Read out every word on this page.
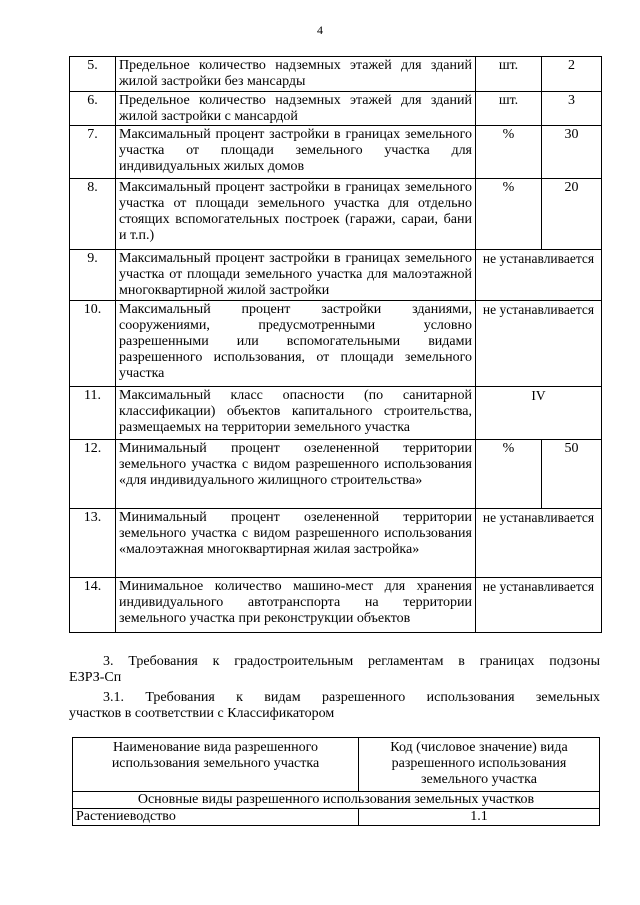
4
5.	Предельное количество надземных этажей для зданий жилой застройки без мансарды	шт.	2
6.	Предельное количество надземных этажей для зданий жилой застройки с мансардой	шт.	3
7.	Максимальный процент застройки в границах земельного участка от площади земельного участка для индивидуальных жилых домов	%	30
8.	Максимальный процент застройки в границах земельного участка от площади земельного участка для отдельно стоящих вспомогательных построек (гаражи, сараи, бани и т.п.)	%	20
9.	Максимальный процент застройки в границах земельного участка от площади земельного участка для малоэтажной многоквартирной жилой застройки	не устанавливается	
10.	Максимальный процент застройки зданиями, сооружениями, предусмотренными условно разрешенными или вспомогательными видами разрешенного использования, от площади земельного участка	не устанавливается	
11.	Максимальный класс опасности (по санитарной классификации) объектов капитального строительства, размещаемых на территории земельного участка	IV	
12.	Минимальный процент озелененной территории земельного участка с видом разрешенного использования «для индивидуального жилищного строительства»	%	50
13.	Минимальный процент озелененной территории земельного участка с видом разрешенного использования «малоэтажная многоквартирная жилая застройка»	не устанавливается	
14.	Минимальное количество машино-мест для хранения индивидуального автотранспорта на территории земельного участка при реконструкции объектов	не устанавливается	
3. Требования к градостроительным регламентам в границах подзоны
ЕЗРЗ-Сп
3.1. Требования к видам разрешенного использования земельных
участков в соответствии с Классификатором
Наименование вида разрешенного использования земельного участка	Код (числовое значение) вида разрешенного использования земельного участка
Основные виды разрешенного использования земельных участков	
Растениеводство	1.1
